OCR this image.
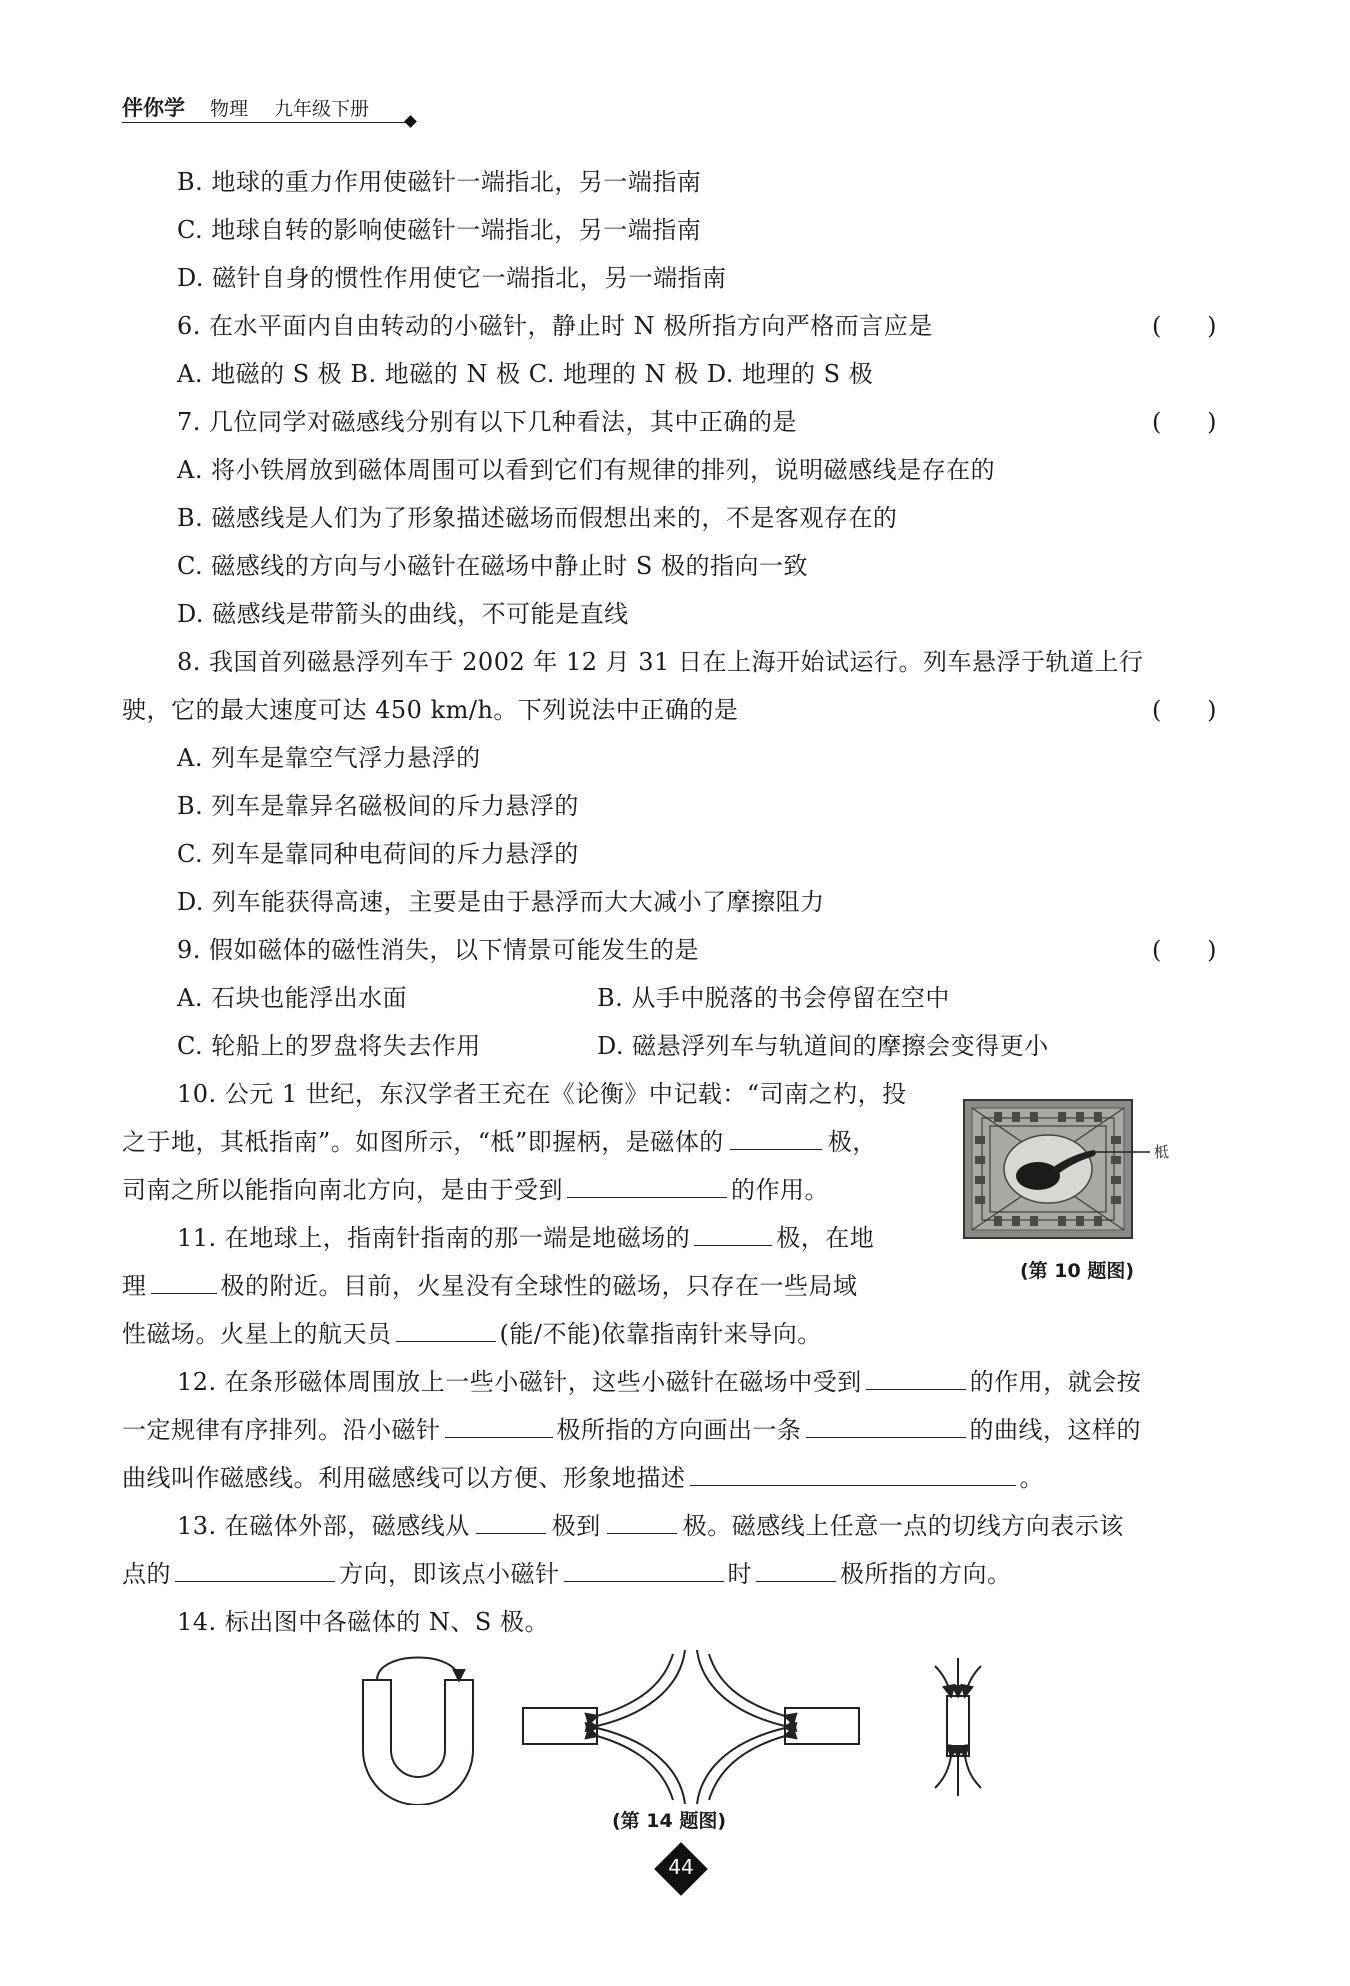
伴你学 物理 九年级下册
B. 地球的重力作用使磁针一端指北，另一端指南
C. 地球自转的影响使磁针一端指北，另一端指南
D. 磁针自身的惯性作用使它一端指北，另一端指南
6. 在水平面内自由转动的小磁针，静止时 N 极所指方向严格而言应是	(      )
A. 地磁的 S 极 B. 地磁的 N 极 C. 地理的 N 极 D. 地理的 S 极
7. 几位同学对磁感线分别有以下几种看法，其中正确的是	(      )
A. 将小铁屑放到磁体周围可以看到它们有规律的排列，说明磁感线是存在的
B. 磁感线是人们为了形象描述磁场而假想出来的，不是客观存在的
C. 磁感线的方向与小磁针在磁场中静止时 S 极的指向一致
D. 磁感线是带箭头的曲线，不可能是直线
8. 我国首列磁悬浮列车于 2002 年 12 月 31 日在上海开始试运行。列车悬浮于轨道上行
驶，它的最大速度可达 450 km/h。下列说法中正确的是	(      )
A. 列车是靠空气浮力悬浮的
B. 列车是靠异名磁极间的斥力悬浮的
C. 列车是靠同种电荷间的斥力悬浮的
D. 列车能获得高速，主要是由于悬浮而大大减小了摩擦阻力
9. 假如磁体的磁性消失，以下情景可能发生的是	(      )
A. 石块也能浮出水面	B. 从手中脱落的书会停留在空中
C. 轮船上的罗盘将失去作用	D. 磁悬浮列车与轨道间的摩擦会变得更小
10. 公元 1 世纪，东汉学者王充在《论衡》中记载：“司南之杓，投
之于地，其柢指南”。如图所示，“柢”即握柄，是磁体的	极，
司南之所以能指向南北方向，是由于受到	的作用。
11. 在地球上，指南针指南的那一端是地磁场的	极，在地
理	极的附近。目前，火星没有全球性的磁场，只存在一些局域
性磁场。火星上的航天员	(能/不能)依靠指南针来导向。
柢
(第 10 题图)
12. 在条形磁体周围放上一些小磁针，这些小磁针在磁场中受到	的作用，就会按
一定规律有序排列。沿小磁针	极所指的方向画出一条	的曲线，这样的
曲线叫作磁感线。利用磁感线可以方便、形象地描述	。
13. 在磁体外部，磁感线从	极到	极。磁感线上任意一点的切线方向表示该
点的	方向，即该点小磁针	时	极所指的方向。
14. 标出图中各磁体的 N、S 极。
(第 14 题图)
44
